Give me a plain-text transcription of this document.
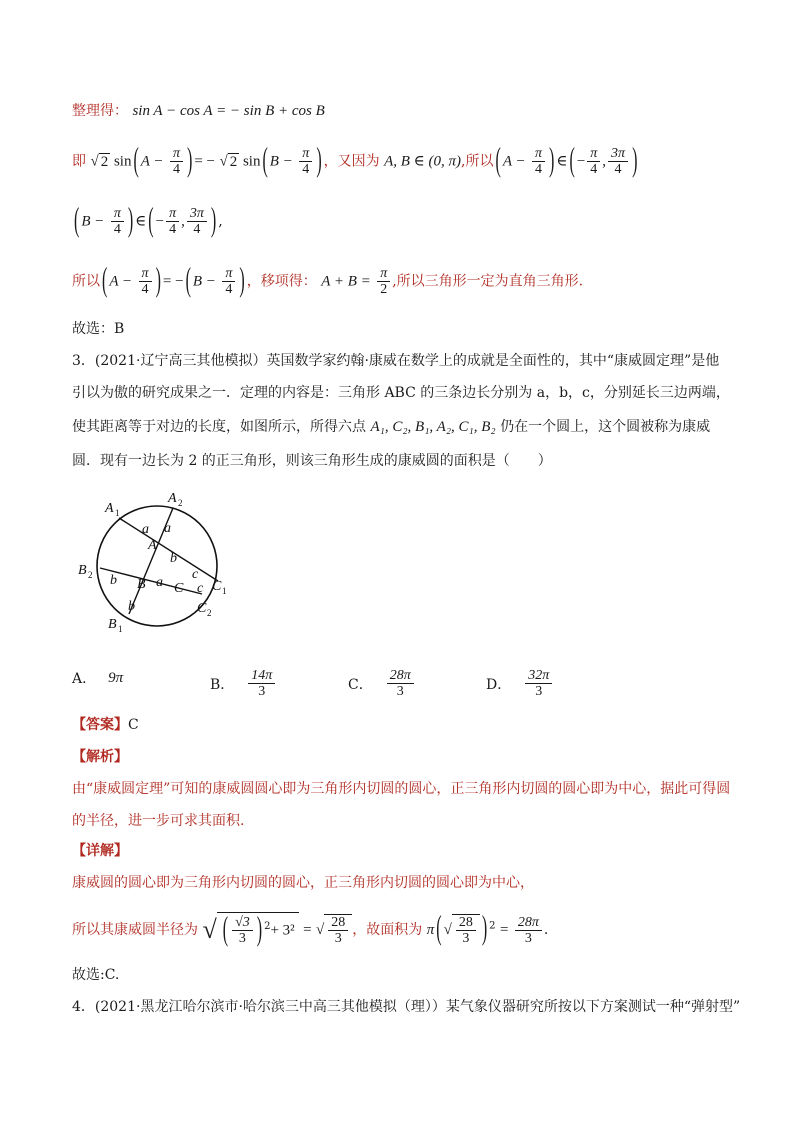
整理得： sin A − cos A = − sin B + cos B
即 √ 2 sin ( $A - \frac{\pi}{4}$ ) = − √ 2 sin ( $B - \frac{\pi}{4}$ ) ，又因为 A, B ∈ (0, π),所以 ( $A - \frac{\pi}{4}$ ) ∈ ( − $\frac{\pi}{4}$ , $\frac{3\pi}{4}$ )
( $B - \frac{\pi}{4}$ ) ∈ ( − $\frac{\pi}{4}$ , $\frac{3\pi}{4}$ ) ,
所以 ( $A - \frac{\pi}{4}$ ) = − ( $B - \frac{\pi}{4}$ ) ，移项得： $A + B = \frac{\pi}{2}$ ,所以三角形一定为直角三角形.
故选：B
3．(2021·辽宁高三其他模拟）英国数学家约翰·康威在数学上的成就是全面性的，其中“康威圆定理”是他
引以为傲的研究成果之一．定理的内容是：三角形 ABC 的三条边长分别为 a，b，c，分别延长三边两端，
使其距离等于对边的长度，如图所示，所得六点 A₁, C₂, B₁, A₂, C₁, B₂ 仍在一个圆上，这个圆被称为康威
圆．现有一边长为 2 的正三角形，则该三角形生成的康威圆的面积是（　　）
A 1
A 2
B 2
B 1
C 1
C 2
A
B C
a a
a
b
b
b
c
c
A． 9π	B． $\frac{14\pi}{3}$	C． $\frac{28\pi}{3}$	D． $\frac{32\pi}{3}$
【答案】C
【解析】
由“康威圆定理”可知的康威圆圆心即为三角形内切圆的圆心，正三角形内切圆的圆心即为中心，据此可得圆
的半径，进一步可求其面积.
【详解】
康威圆的圆心即为三角形内切圆的圆心，正三角形内切圆的圆心即为中心，
所以其康威圆半径为 √ ( $\frac{√3}{3}$ ) $^2$+ 3² = √ $\frac{28}{3}$ ，故面积为 π ( √ $\frac{28}{3}$ ) $^2 = \frac{28\pi}{3}$ .
故选:C.
4．(2021·黑龙江哈尔滨市·哈尔滨三中高三其他模拟（理））某气象仪器研究所按以下方案测试一种“弹射型”
